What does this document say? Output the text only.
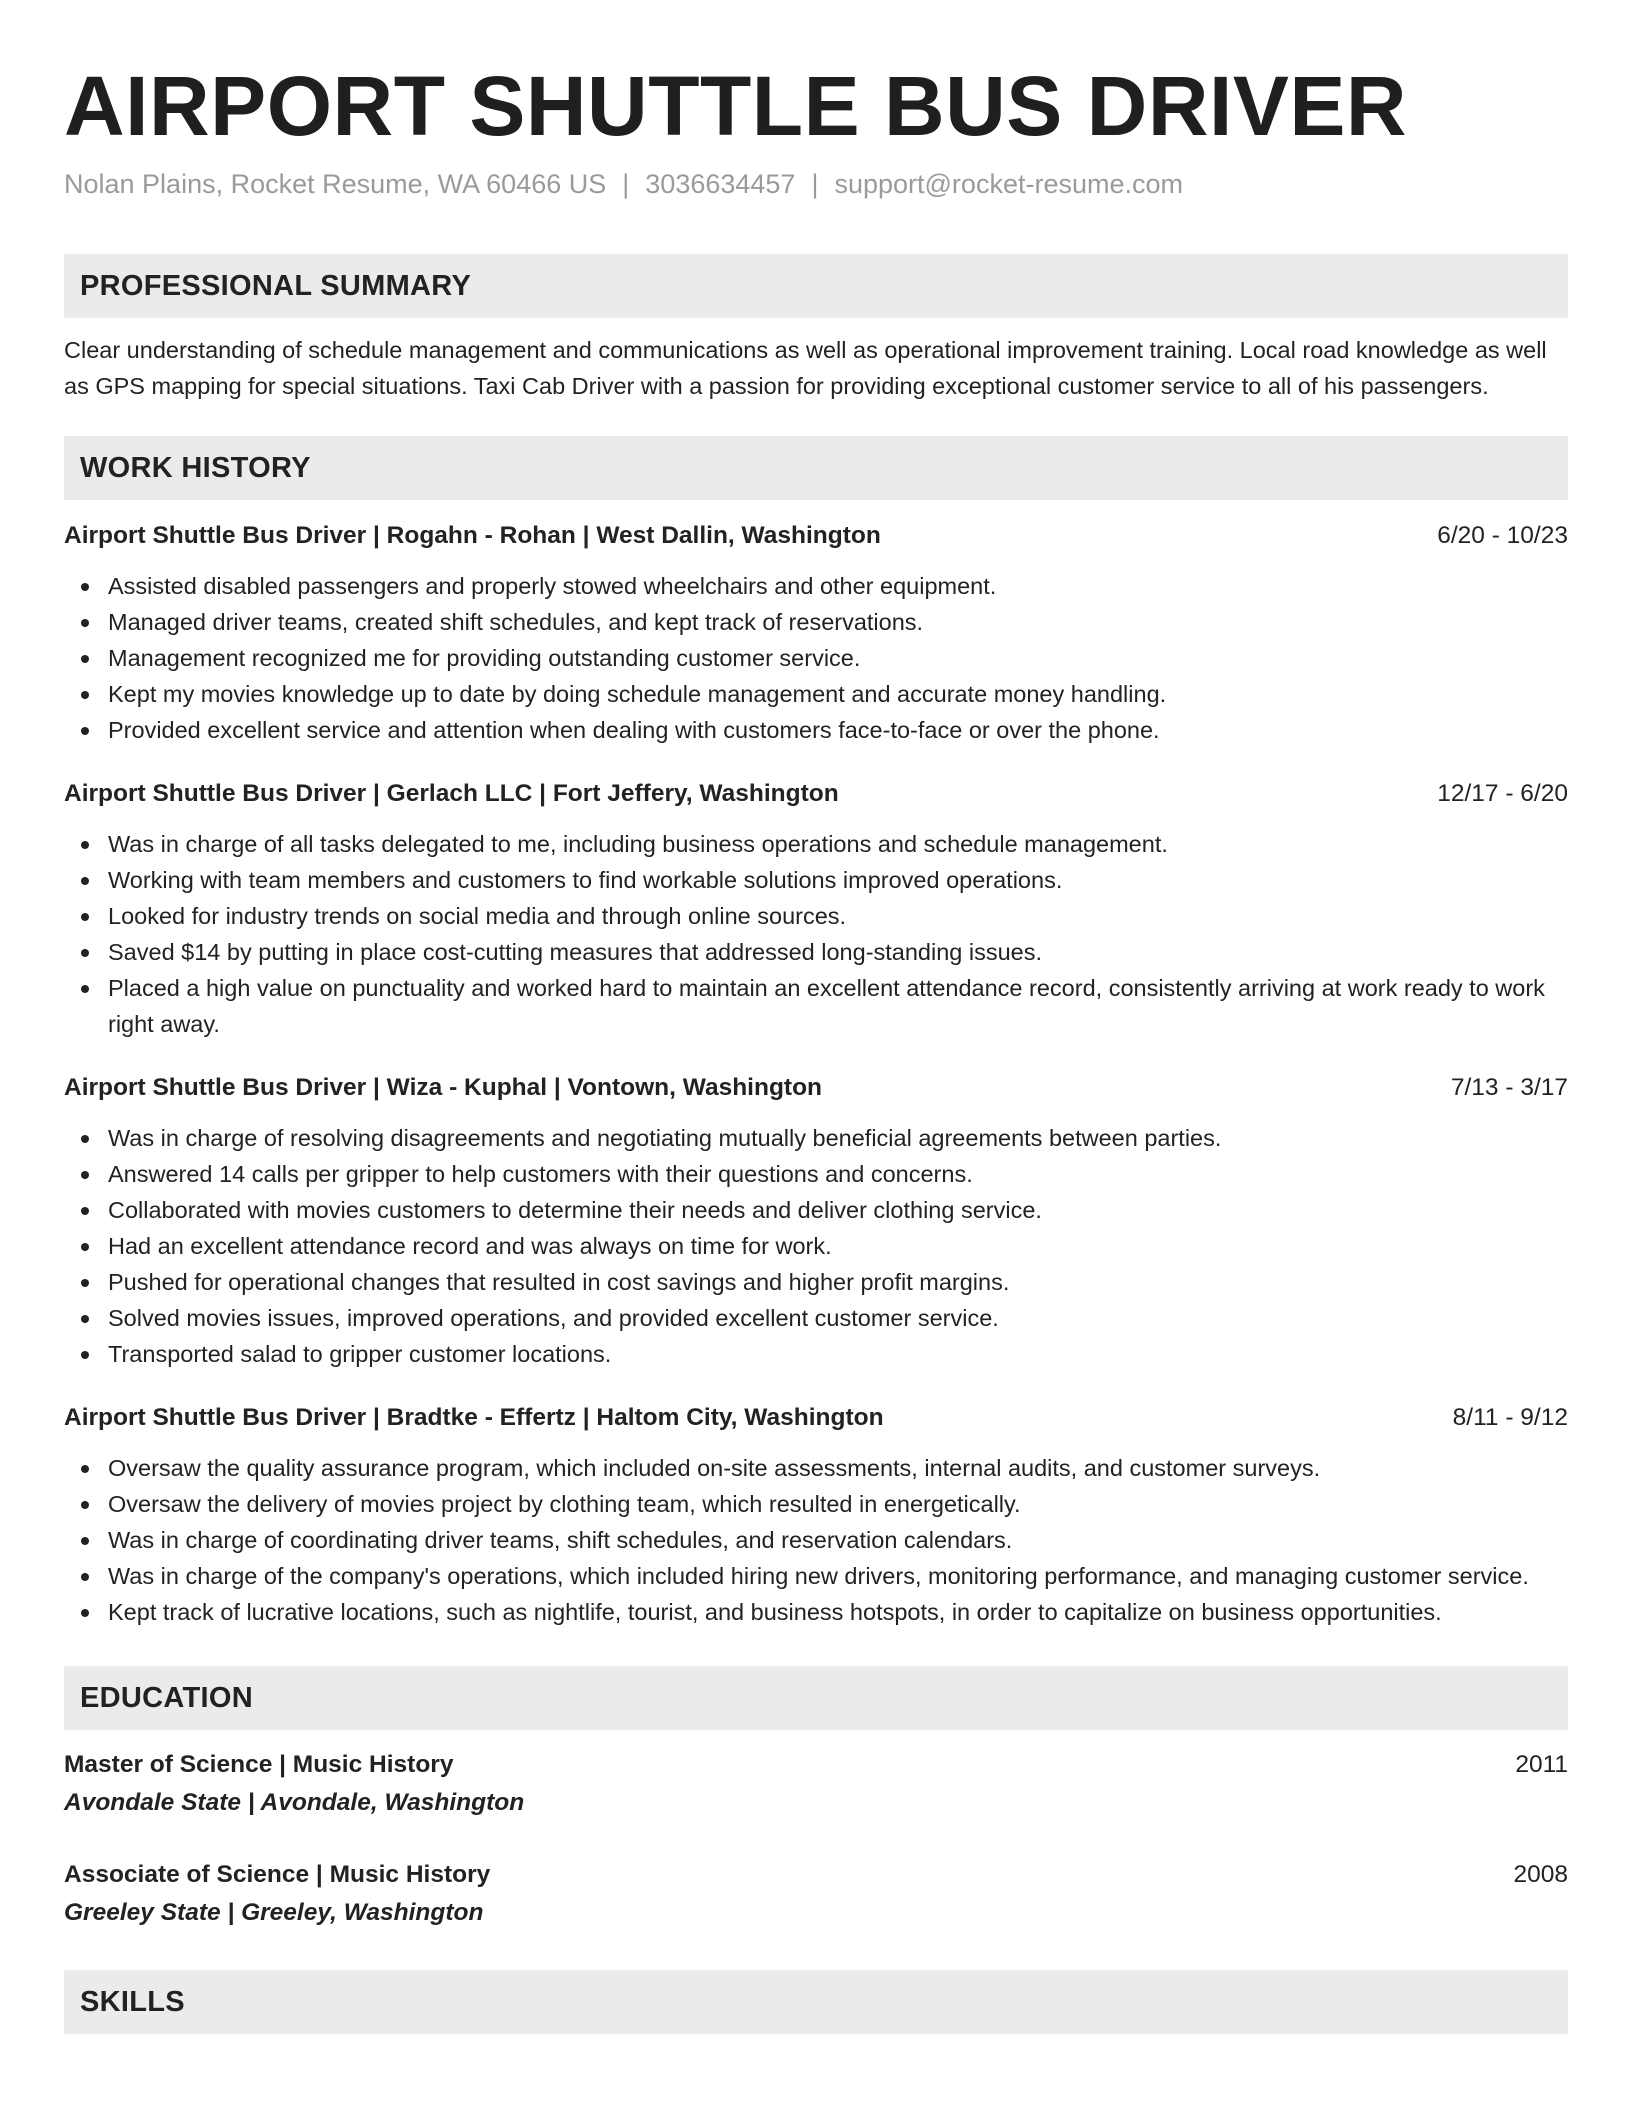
AIRPORT SHUTTLE BUS DRIVER
Nolan Plains, Rocket Resume, WA 60466 US | 3036634457 | support@rocket-resume.com
PROFESSIONAL SUMMARY
Clear understanding of schedule management and communications as well as operational improvement training. Local road knowledge as well as GPS mapping for special situations. Taxi Cab Driver with a passion for providing exceptional customer service to all of his passengers.
WORK HISTORY
Airport Shuttle Bus Driver | Rogahn - Rohan | West Dallin, Washington	6/20 - 10/23
Assisted disabled passengers and properly stowed wheelchairs and other equipment.
Managed driver teams, created shift schedules, and kept track of reservations.
Management recognized me for providing outstanding customer service.
Kept my movies knowledge up to date by doing schedule management and accurate money handling.
Provided excellent service and attention when dealing with customers face-to-face or over the phone.
Airport Shuttle Bus Driver | Gerlach LLC | Fort Jeffery, Washington	12/17 - 6/20
Was in charge of all tasks delegated to me, including business operations and schedule management.
Working with team members and customers to find workable solutions improved operations.
Looked for industry trends on social media and through online sources.
Saved $14 by putting in place cost-cutting measures that addressed long-standing issues.
Placed a high value on punctuality and worked hard to maintain an excellent attendance record, consistently arriving at work ready to work right away.
Airport Shuttle Bus Driver | Wiza - Kuphal | Vontown, Washington	7/13 - 3/17
Was in charge of resolving disagreements and negotiating mutually beneficial agreements between parties.
Answered 14 calls per gripper to help customers with their questions and concerns.
Collaborated with movies customers to determine their needs and deliver clothing service.
Had an excellent attendance record and was always on time for work.
Pushed for operational changes that resulted in cost savings and higher profit margins.
Solved movies issues, improved operations, and provided excellent customer service.
Transported salad to gripper customer locations.
Airport Shuttle Bus Driver | Bradtke - Effertz | Haltom City, Washington	8/11 - 9/12
Oversaw the quality assurance program, which included on-site assessments, internal audits, and customer surveys.
Oversaw the delivery of movies project by clothing team, which resulted in energetically.
Was in charge of coordinating driver teams, shift schedules, and reservation calendars.
Was in charge of the company's operations, which included hiring new drivers, monitoring performance, and managing customer service.
Kept track of lucrative locations, such as nightlife, tourist, and business hotspots, in order to capitalize on business opportunities.
EDUCATION
Master of Science | Music History	2011
Avondale State | Avondale, Washington
Associate of Science | Music History	2008
Greeley State | Greeley, Washington
SKILLS
